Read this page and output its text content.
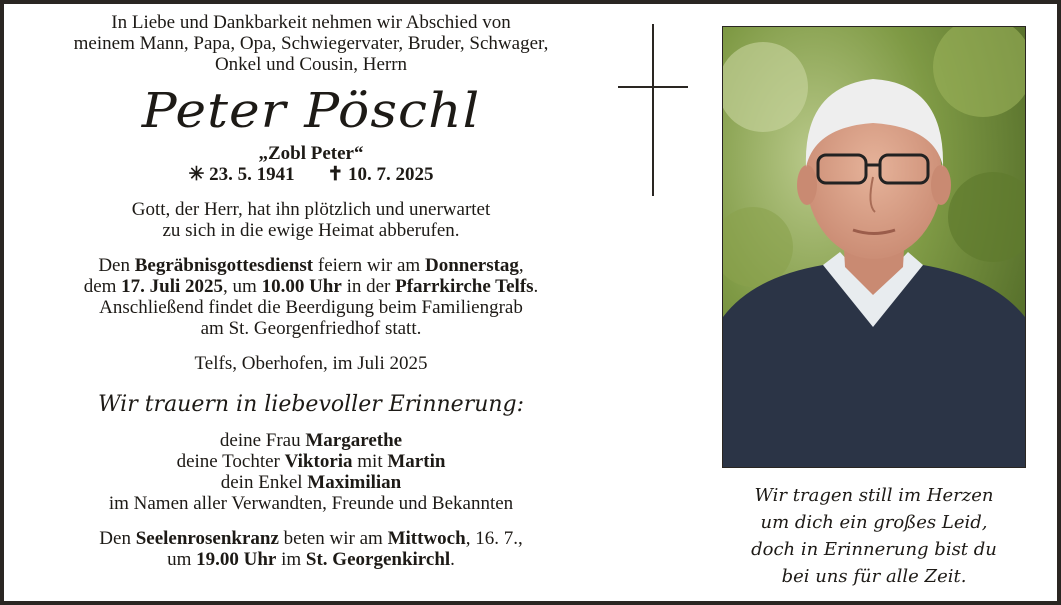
In Liebe und Dankbarkeit nehmen wir Abschied von
meinem Mann, Papa, Opa, Schwiegervater, Bruder, Schwager,
Onkel und Cousin, Herrn
Peter Pöschl
„Zobl Peter“
✳ 23. 5. 1941 ✝ 10. 7. 2025
Gott, der Herr, hat ihn plötzlich und unerwartet
zu sich in die ewige Heimat abberufen.
Den Begräbnisgottesdienst feiern wir am Donnerstag,
dem 17. Juli 2025, um 10.00 Uhr in der Pfarrkirche Telfs.
Anschließend findet die Beerdigung beim Familiengrab
am St. Georgenfriedhof statt.
Telfs, Oberhofen, im Juli 2025
Wir trauern in liebevoller Erinnerung:
deine Frau Margarethe
deine Tochter Viktoria mit Martin
dein Enkel Maximilian
im Namen aller Verwandten, Freunde und Bekannten
Den Seelenrosenkranz beten wir am Mittwoch, 16. 7.,
um 19.00 Uhr im St. Georgenkirchl.
Wir tragen still im Herzen
um dich ein großes Leid,
doch in Erinnerung bist du
bei uns für alle Zeit.
